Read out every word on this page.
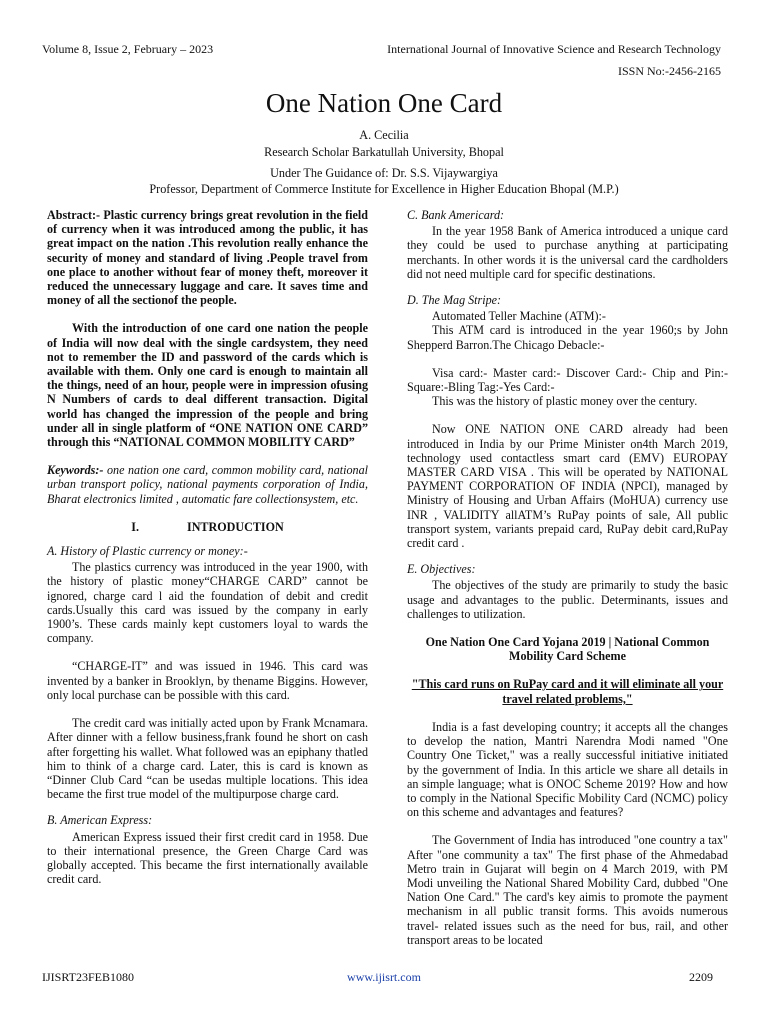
Volume 8, Issue 2, February – 2023	International Journal of Innovative Science and Research Technology
ISSN No:-2456-2165
One Nation One Card
A. Cecilia
Research Scholar Barkatullah University, Bhopal
Under The Guidance of: Dr. S.S. Vijaywargiya
Professor, Department of Commerce Institute for Excellence in Higher Education Bhopal (M.P.)

Abstract:- Plastic currency brings great revolution in the field of currency when it was introduced among the public, it has great impact on the nation .This revolution really enhance the security of money and standard of living .People travel from one place to another without fear of money theft, moreover it reduced the unnecessary luggage and care. It saves time and money of all the sectionof the people.

With the introduction of one card one nation the people of India will now deal with the single cardsystem, they need not to remember the ID and password of the cards which is available with them. Only one card is enough to maintain all the things, need of an hour, people were in impression ofusing N Numbers of cards to deal different transaction. Digital world has changed the impression of the people and bring under all in single platform of “ONE NATION ONE CARD” through this “NATIONAL COMMON MOBILITY CARD”

Keywords:- one nation one card, common mobility card, national urban transport policy, national payments corporation of India, Bharat electronics limited , automatic fare collectionsystem, etc.

I.	INTRODUCTION

A. History of Plastic currency or money:-

The plastics currency was introduced in the year 1900, with the history of plastic money“CHARGE CARD” cannot be ignored, charge card l aid the foundation of debit and credit cards.Usually this card was issued by the company in early 1900’s. These cards mainly kept customers loyal to wards the company.

“CHARGE-IT” and was issued in 1946. This card was invented by a banker in Brooklyn, by thename Biggins. However, only local purchase can be possible with this card.

The credit card was initially acted upon by Frank Mcnamara. After dinner with a fellow business,frank found he short on cash after forgetting his wallet. What followed was an epiphany thatled him to think of a charge card. Later, this is card is known as “Dinner Club Card “can be usedas multiple locations. This idea became the first true model of the multipurpose charge card.

B. American Express:

American Express issued their first credit card in 1958. Due to their international presence, the Green Charge Card was globally accepted. This became the first internationally available credit card.

C. Bank Americard:

In the year 1958 Bank of America introduced a unique card they could be used to purchase anything at participating merchants. In other words it is the universal card the cardholders did not need multiple card for specific destinations.

D. The Mag Stripe:

Automated Teller Machine (ATM):-

This ATM card is introduced in the year 1960;s by John Shepperd Barron.The Chicago Debacle:-

Visa card:- Master card:- Discover Card:- Chip and Pin:- Square:-Bling Tag:-Yes Card:-

This was the history of plastic money over the century.

Now ONE NATION ONE CARD already had been introduced in India by our Prime Minister on4th March 2019, technology used contactless smart card (EMV) EUROPAY MASTER CARD VISA . This will be operated by NATIONAL PAYMENT CORPORATION OF INDIA (NPCI), managed by Ministry of Housing and Urban Affairs (MoHUA) currency use INR , VALIDITY allATM’s RuPay points of sale, All public transport system, variants prepaid card, RuPay debit card,RuPay credit card .

E. Objectives:

The objectives of the study are primarily to study the basic usage and advantages to the public. Determinants, issues and challenges to utilization.

One Nation One Card Yojana 2019 | National Common Mobility Card Scheme

"This card runs on RuPay card and it will eliminate all your travel related problems,"

India is a fast developing country; it accepts all the changes to develop the nation, Mantri Narendra Modi named "One Country One Ticket," was a really successful initiative initiated by the government of India. In this article we share all details in an simple language; what is ONOC Scheme 2019? How and how to comply in the National Specific Mobility Card (NCMC) policy on this scheme and advantages and features?

The Government of India has introduced "one country a tax" After "one community a tax" The first phase of the Ahmedabad Metro train in Gujarat will begin on 4 March 2019, with PM Modi unveiling the National Shared Mobility Card, dubbed "One Nation One Card." The card's key aimis to promote the payment mechanism in all public transit forms. This avoids numerous travel- related issues such as the need for bus, rail, and other transport areas to be located

IJISRT23FEB1080	www.ijisrt.com	2209
